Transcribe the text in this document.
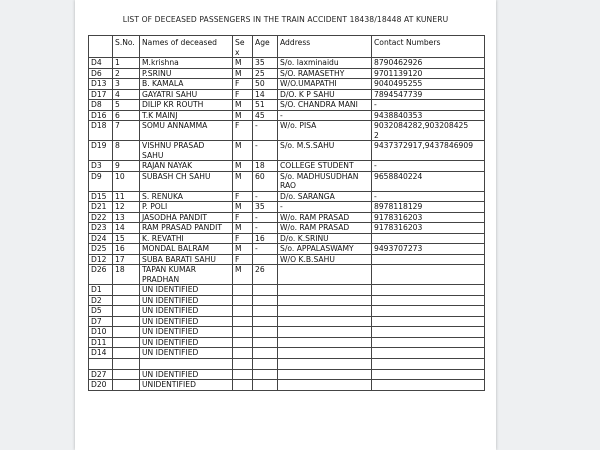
LIST OF DECEASED PASSENGERS IN THE TRAIN ACCIDENT 18438/18448 AT KUNERU
	S.No.	Names of deceased	Se
x	Age	Address	Contact Numbers
D4	1	M.krishna	M	35	S/o. laxminaidu	8790462926
D6	2	P.SRINU	M	25	S/O. RAMASETHY	9701139120
D13	3	B. KAMALA	F	50	W/O.UMAPATHI	9040495255
D17	4	GAYATRI SAHU	F	14	D/O. K P SAHU	7894547739
D8	5	DILIP KR ROUTH	M	51	S/O. CHANDRA MANI	-
D16	6	T.K MAINJ	M	45	-	9438840353
D18	7	SOMU ANNAMMA	F	-	W/o. PISA	9032084282,903208425
2
D19	8	VISHNU PRASAD
SAHU	M	-	S/o. M.S.SAHU	9437372917,9437846909
D3	9	RAJAN NAYAK	M	18	COLLEGE STUDENT	-
D9	10	SUBASH CH SAHU	M	60	S/o. MADHUSUDHAN
RAO	9658840224
D15	11	S. RENUKA	F	-	D/o. SARANGA	-
D21	12	P. POLI	M	35	-	8978118129
D22	13	JASODHA PANDIT	F	-	W/o. RAM PRASAD	9178316203
D23	14	RAM PRASAD PANDIT	M	-	W/o. RAM PRASAD	9178316203
D24	15	K. REVATHI	F	16	D/o. K.SRINU	
D25	16	MONDAL BALRAM	M	-	S/o. APPALASWAMY	9493707273
D12	17	SUBA BARATI SAHU	F		W/O K.B.SAHU	
D26	18	TAPAN KUMAR
PRADHAN	M	26		
D1		UN IDENTIFIED				
D2		UN IDENTIFIED				
D5		UN IDENTIFIED				
D7		UN IDENTIFIED				
D10		UN IDENTIFIED				
D11		UN IDENTIFIED				
D14		UN IDENTIFIED				

D27		UN IDENTIFIED				
D20		UNIDENTIFIED				
